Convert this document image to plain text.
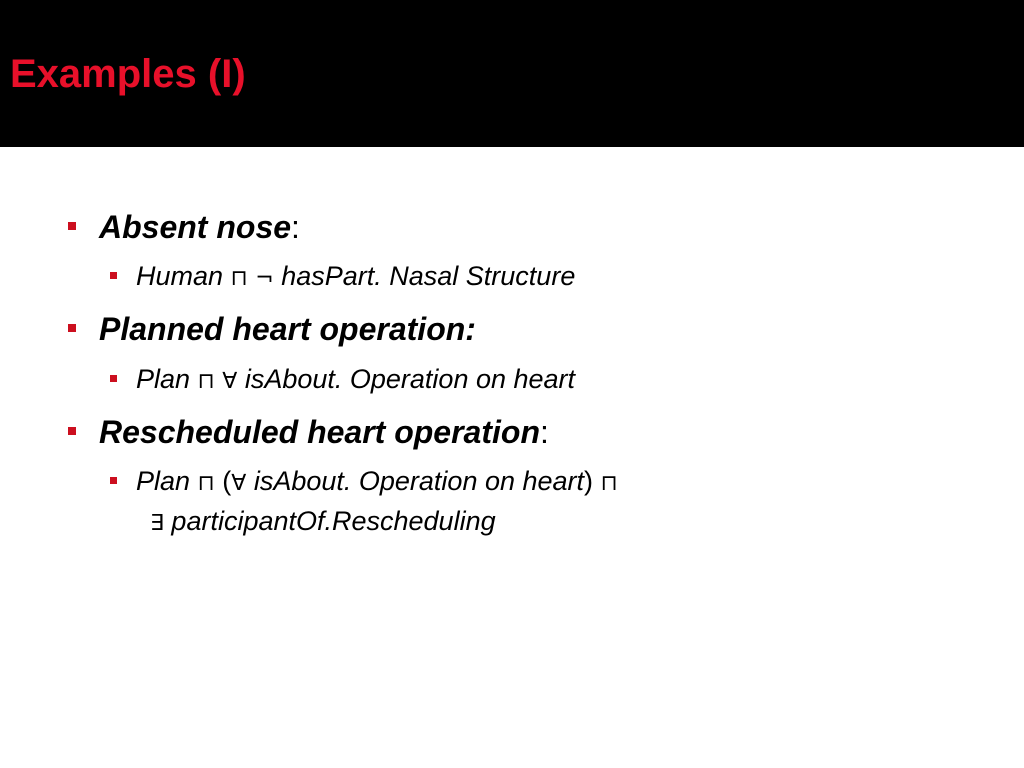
Examples (I)
Absent nose:
Human ⊓ ¬ hasPart. Nasal Structure
Planned heart operation:
Plan ⊓ ∀ isAbout. Operation on heart
Rescheduled heart operation:
Plan ⊓ (∀ isAbout. Operation on heart) ⊓
∃ participantOf.Rescheduling
